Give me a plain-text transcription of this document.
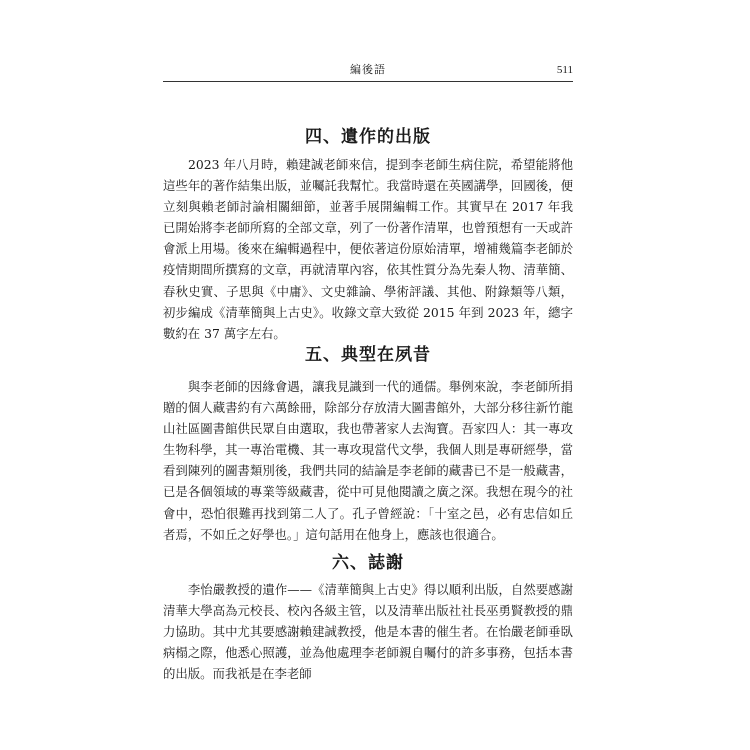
編後語	511
四、遺作的出版

　　2023 年八月時，賴建誠老師來信，提到李老師生病住院，希望能將他這些年的著作結集出版，並囑託我幫忙。我當時還在英國講學，回國後，便立刻與賴老師討論相關細節，並著手展開編輯工作。其實早在 2017 年我已開始將李老師所寫的全部文章，列了一份著作清單，也曾預想有一天或許會派上用場。後來在編輯過程中，便依著這份原始清單，增補幾篇李老師於疫情期間所撰寫的文章，再就清單內容，依其性質分為先秦人物、清華簡、春秋史實、子思與《中庸》、文史雜論、學術評議、其他、附錄類等八類，初步編成《清華簡與上古史》。收錄文章大致從 2015 年到 2023 年，總字數約在 37 萬字左右。

五、典型在夙昔

　　與李老師的因緣會遇，讓我見識到一代的通儒。舉例來說，李老師所捐贈的個人藏書約有六萬餘冊，除部分存放清大圖書館外，大部分移往新竹龍山社區圖書館供民眾自由選取，我也帶著家人去淘寶。吾家四人：其一專攻生物科學，其一專治電機、其一專攻現當代文學，我個人則是專研經學，當看到陳列的圖書類別後，我們共同的結論是李老師的藏書已不是一般藏書，已是各個領域的專業等級藏書，從中可見他閱讀之廣之深。我想在現今的社會中，恐怕很難再找到第二人了。孔子曾經說：「十室之邑，必有忠信如丘者焉，不如丘之好學也。」這句話用在他身上，應該也很適合。

六、誌謝

　　李怡嚴教授的遺作——《清華簡與上古史》得以順利出版，自然要感謝清華大學高為元校長、校內各級主管，以及清華出版社社長巫勇賢教授的鼎力協助。其中尤其要感謝賴建誠教授，他是本書的催生者。在怡嚴老師垂臥病榻之際，他悉心照護，並為他處理李老師親自囑付的許多事務，包括本書的出版。而我祇是在李老師
